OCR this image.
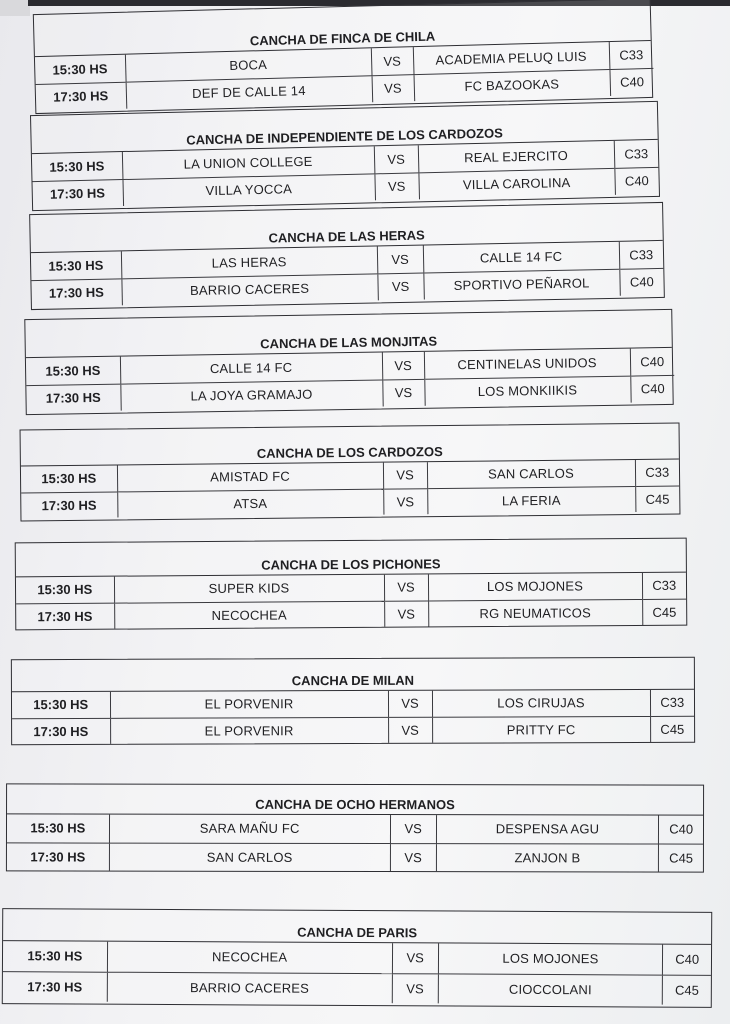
CANCHA DE FINCA DE CHILA
15:30 HS	BOCA	VS	ACADEMIA PELUQ LUIS	C33
17:30 HS	DEF DE CALLE 14	VS	FC BAZOOKAS	C40
CANCHA DE INDEPENDIENTE DE LOS CARDOZOS
15:30 HS	LA UNION COLLEGE	VS	REAL EJERCITO	C33
17:30 HS	VILLA YOCCA	VS	VILLA CAROLINA	C40
CANCHA DE LAS HERAS
15:30 HS	LAS HERAS	VS	CALLE 14 FC	C33
17:30 HS	BARRIO CACERES	VS	SPORTIVO PEÑAROL	C40
CANCHA DE LAS MONJITAS
15:30 HS	CALLE 14 FC	VS	CENTINELAS UNIDOS	C40
17:30 HS	LA JOYA GRAMAJO	VS	LOS MONKIIKIS	C40
CANCHA DE LOS CARDOZOS
15:30 HS	AMISTAD FC	VS	SAN CARLOS	C33
17:30 HS	ATSA	VS	LA FERIA	C45
CANCHA DE LOS PICHONES
15:30 HS	SUPER KIDS	VS	LOS MOJONES	C33
17:30 HS	NECOCHEA	VS	RG NEUMATICOS	C45
CANCHA DE MILAN
15:30 HS	EL PORVENIR	VS	LOS CIRUJAS	C33
17:30 HS	EL PORVENIR	VS	PRITTY FC	C45
CANCHA DE OCHO HERMANOS
15:30 HS	SARA MAÑU FC	VS	DESPENSA AGU	C40
17:30 HS	SAN CARLOS	VS	ZANJON B	C45
CANCHA DE PARIS
15:30 HS	NECOCHEA	VS	LOS MOJONES	C40
17:30 HS	BARRIO CACERES	VS	CIOCCOLANI	C45
